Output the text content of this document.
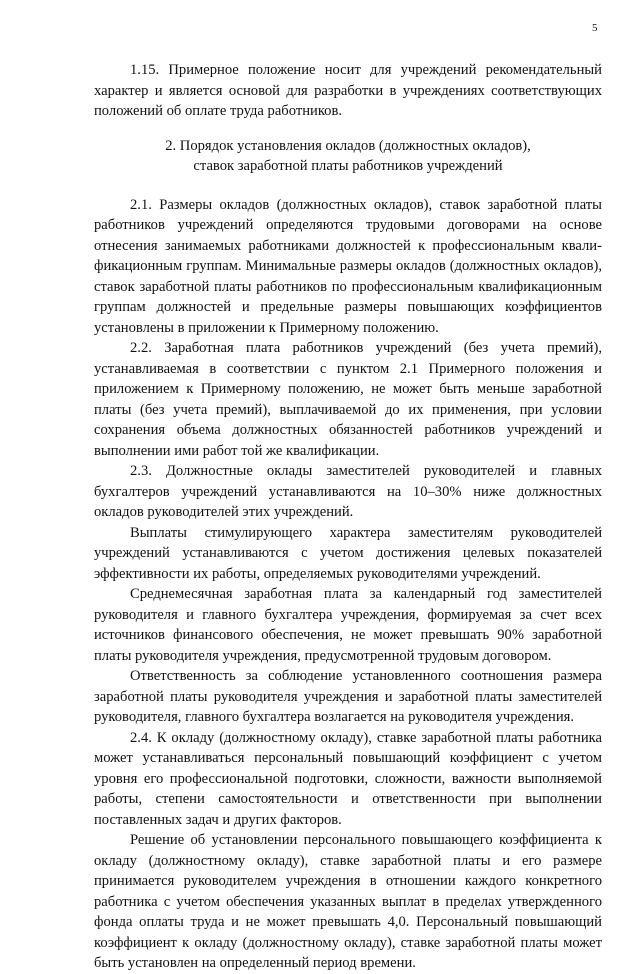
5

1.15. Примерное положение носит для учреждений рекомендательный характер и является основой для разработки в учреждениях соответствующих положений об оплате труда работников.

2. Порядок установления окладов (должностных окладов),
ставок заработной платы работников учреждений

2.1. Размеры окладов (должностных окладов), ставок заработной платы работников учреждений определяются трудовыми договорами на основе отнесения занимаемых работниками должностей к профессиональным квалификационным группам. Минимальные размеры окладов (должностных окладов), ставок заработной платы работников по профессиональным квалификационным группам должностей и предельные размеры повышающих коэффициентов установлены в приложении к Примерному положению.

2.2. Заработная плата работников учреждений (без учета премий), устанавливаемая в соответствии с пунктом 2.1 Примерного положения и приложением к Примерному положению, не может быть меньше заработной платы (без учета премий), выплачиваемой до их применения, при условии сохранения объема должностных обязанностей работников учреждений и выполнении ими работ той же квалификации.

2.3. Должностные оклады заместителей руководителей и главных бухгалтеров учреждений устанавливаются на 10–30% ниже должностных окладов руководителей этих учреждений.

Выплаты стимулирующего характера заместителям руководителей учреждений устанавливаются с учетом достижения целевых показателей эффективности их работы, определяемых руководителями учреждений.

Среднемесячная заработная плата за календарный год заместителей руководителя и главного бухгалтера учреждения, формируемая за счет всех источников финансового обеспечения, не может превышать 90% заработной платы руководителя учреждения, предусмотренной трудовым договором.

Ответственность за соблюдение установленного соотношения размера заработной платы руководителя учреждения и заработной платы заместителей руководителя, главного бухгалтера возлагается на руководителя учреждения.

2.4. К окладу (должностному окладу), ставке заработной платы работника может устанавливаться персональный повышающий коэффициент с учетом уровня его профессиональной подготовки, сложности, важности выполняемой работы, степени самостоятельности и ответственности при выполнении поставленных задач и других факторов.

Решение об установлении персонального повышающего коэффициента к окладу (должностному окладу), ставке заработной платы и его размере принимается руководителем учреждения в отношении каждого конкретного работника с учетом обеспечения указанных выплат в пределах утвержденного фонда оплаты труда и не может превышать 4,0. Персональный повышающий коэффициент к окладу (должностному окладу), ставке заработной платы может быть установлен на определенный период времени.
